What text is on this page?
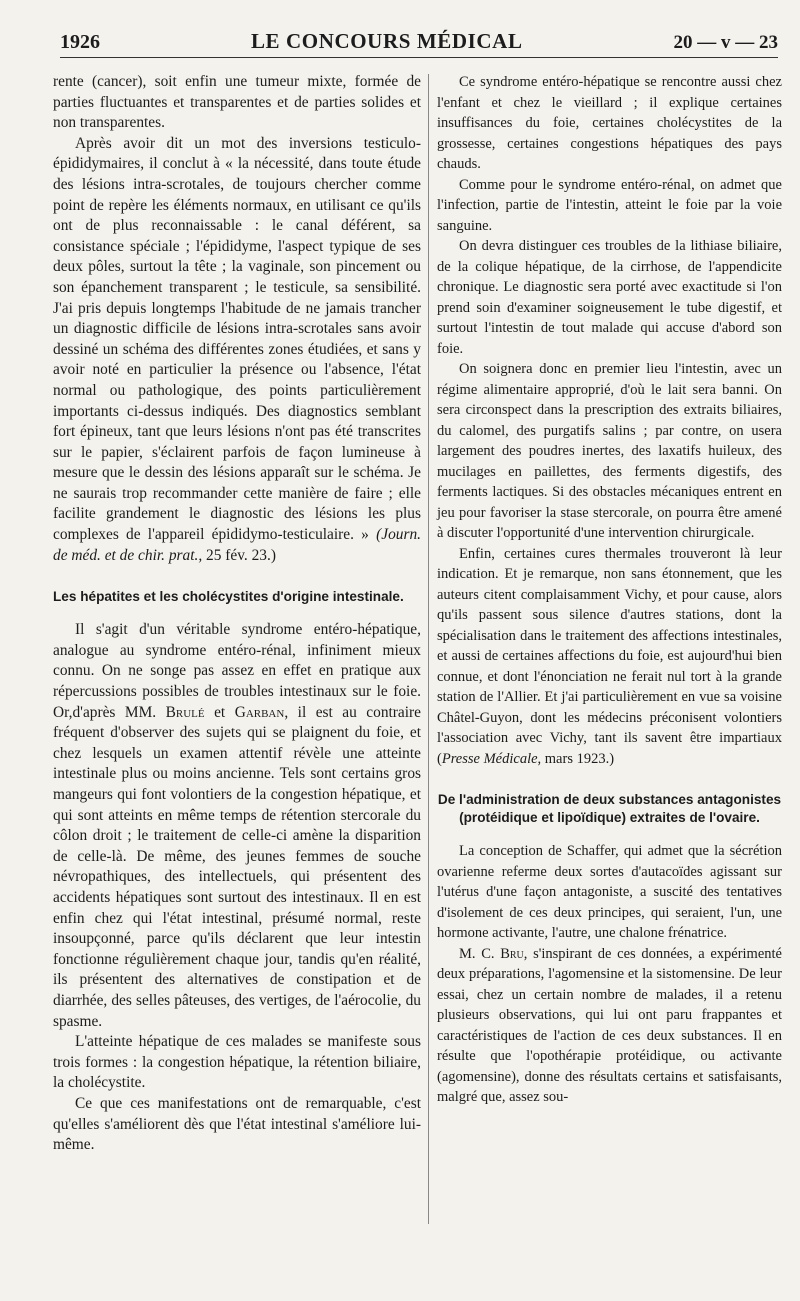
1926	LE CONCOURS MÉDICAL	20 — v — 23

rente (cancer), soit enfin une tumeur mixte, formée de parties fluctuantes et transparentes et de parties solides et non transparentes.

Après avoir dit un mot des inversions testiculo-épididymaires, il conclut à « la nécessité, dans toute étude des lésions intra-scrotales, de toujours chercher comme point de repère les éléments normaux, en utilisant ce qu'ils ont de plus reconnaissable : le canal déférent, sa consistance spéciale ; l'épididyme, l'aspect typique de ses deux pôles, surtout la tête ; la vaginale, son pincement ou son épanchement transparent ; le testicule, sa sensibilité. J'ai pris depuis longtemps l'habitude de ne jamais trancher un diagnostic difficile de lésions intra-scrotales sans avoir dessiné un schéma des différentes zones étudiées, et sans y avoir noté en particulier la présence ou l'absence, l'état normal ou pathologique, des points particulièrement importants ci-dessus indiqués. Des diagnostics semblant fort épineux, tant que leurs lésions n'ont pas été transcrites sur le papier, s'éclairent parfois de façon lumineuse à mesure que le dessin des lésions apparaît sur le schéma. Je ne saurais trop recommander cette manière de faire ; elle facilite grandement le diagnostic des lésions les plus complexes de l'appareil épididymo-testiculaire. » (Journ. de méd. et de chir. prat., 25 fév. 23.)

Les hépatites et les cholécystites d'origine intestinale.

Il s'agit d'un véritable syndrome entéro-hépatique, analogue au syndrome entéro-rénal, infiniment mieux connu. On ne songe pas assez en effet en pratique aux répercussions possibles de troubles intestinaux sur le foie. Or,d'après MM. Brulé et Garban, il est au contraire fréquent d'observer des sujets qui se plaignent du foie, et chez lesquels un examen attentif révèle une atteinte intestinale plus ou moins ancienne. Tels sont certains gros mangeurs qui font volontiers de la congestion hépatique, et qui sont atteints en même temps de rétention stercorale du côlon droit ; le traitement de celle-ci amène la disparition de celle-là. De même, des jeunes femmes de souche névropathiques, des intellectuels, qui présentent des accidents hépatiques sont surtout des intestinaux. Il en est enfin chez qui l'état intestinal, présumé normal, reste insoupçonné, parce qu'ils déclarent que leur intestin fonctionne régulièrement chaque jour, tandis qu'en réalité, ils présentent des alternatives de constipation et de diarrhée, des selles pâteuses, des vertiges, de l'aérocolie, du spasme.

L'atteinte hépatique de ces malades se manifeste sous trois formes : la congestion hépatique, la rétention biliaire, la cholécystite.

Ce que ces manifestations ont de remarquable, c'est qu'elles s'améliorent dès que l'état intestinal s'améliore lui-même.

Ce syndrome entéro-hépatique se rencontre aussi chez l'enfant et chez le vieillard ; il explique certaines insuffisances du foie, certaines cholécystites de la grossesse, certaines congestions hépatiques des pays chauds.

Comme pour le syndrome entéro-rénal, on admet que l'infection, partie de l'intestin, atteint le foie par la voie sanguine.

On devra distinguer ces troubles de la lithiase biliaire, de la colique hépatique, de la cirrhose, de l'appendicite chronique. Le diagnostic sera porté avec exactitude si l'on prend soin d'examiner soigneusement le tube digestif, et surtout l'intestin de tout malade qui accuse d'abord son foie.

On soignera donc en premier lieu l'intestin, avec un régime alimentaire approprié, d'où le lait sera banni. On sera circonspect dans la prescription des extraits biliaires, du calomel, des purgatifs salins ; par contre, on usera largement des poudres inertes, des laxatifs huileux, des mucilages en paillettes, des ferments digestifs, des ferments lactiques. Si des obstacles mécaniques entrent en jeu pour favoriser la stase stercorale, on pourra être amené à discuter l'opportunité d'une intervention chirurgicale.

Enfin, certaines cures thermales trouveront là leur indication. Et je remarque, non sans étonnement, que les auteurs citent complaisamment Vichy, et pour cause, alors qu'ils passent sous silence d'autres stations, dont la spécialisation dans le traitement des affections intestinales, et aussi de certaines affections du foie, est aujourd'hui bien connue, et dont l'énonciation ne ferait nul tort à la grande station de l'Allier. Et j'ai particulièrement en vue sa voisine Châtel-Guyon, dont les médecins préconisent volontiers l'association avec Vichy, tant ils savent être impartiaux (Presse Médicale, mars 1923.)

De l'administration de deux substances antagonistes (protéidique et lipoïdique) extraites de l'ovaire.

La conception de Schaffer, qui admet que la sécrétion ovarienne referme deux sortes d'autacoïdes agissant sur l'utérus d'une façon antagoniste, a suscité des tentatives d'isolement de ces deux principes, qui seraient, l'un, une hormone activante, l'autre, une chalone frénatrice.

M. C. Bru, s'inspirant de ces données, a expérimenté deux préparations, l'agomensine et la sistomensine. De leur essai, chez un certain nombre de malades, il a retenu plusieurs observations, qui lui ont paru frappantes et caractéristiques de l'action de ces deux substances. Il en résulte que l'opothérapie protéidique, ou activante (agomensine), donne des résultats certains et satisfaisants, malgré que, assez sou-
